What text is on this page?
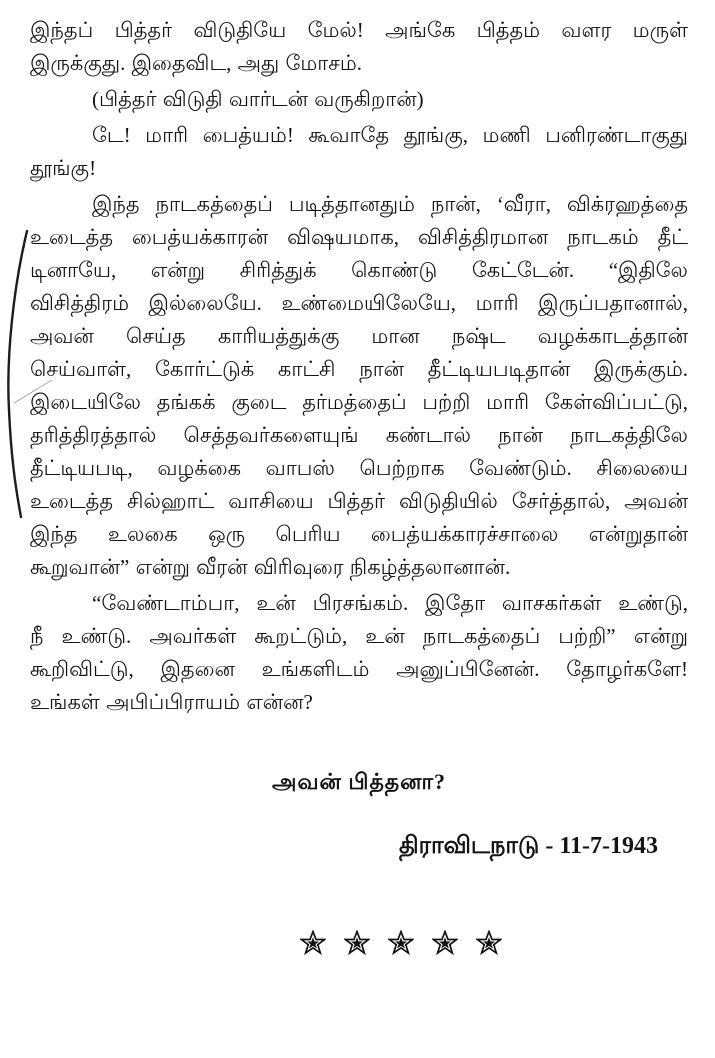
இந்தப் பித்தர் விடுதியே மேல்! அங்கே பித்தம் வளர மருள்
இருக்குது. இதைவிட, அது மோசம்.
(பித்தர் விடுதி வார்டன் வருகிறான்)
டே! மாரி பைத்யம்! கூவாதே தூங்கு, மணி பனிரண்டாகுது
தூங்கு!
இந்த நாடகத்தைப் படித்தானதும் நான், ‘வீரா, விக்ரஹத்தை
உடைத்த பைத்யக்காரன் விஷயமாக, விசித்திரமான நாடகம் தீட்
டினாயே, என்று சிரித்துக் கொண்டு கேட்டேன். “இதிலே
விசித்திரம் இல்லையே. உண்மையிலேயே, மாரி இருப்பதானால்,
அவன் செய்த காரியத்துக்கு மான நஷ்ட வழக்காடத்தான்
செய்வாள், கோர்ட்டுக் காட்சி நான் தீட்டியபடிதான் இருக்கும்.
இடையிலே தங்கக் குடை தர்மத்தைப் பற்றி மாரி கேள்விப்பட்டு,
தரித்திரத்தால் செத்தவர்களையுங் கண்டால் நான் நாடகத்திலே
தீட்டியபடி, வழக்கை வாபஸ் பெற்றாக வேண்டும். சிலையை
உடைத்த சில்ஹாட் வாசியை பித்தர் விடுதியில் சேர்த்தால், அவன்
இந்த உலகை ஒரு பெரிய பைத்யக்காரச்சாலை என்றுதான்
கூறுவான்” என்று வீரன் விரிவுரை நிகழ்த்தலானான்.
“வேண்டாம்பா, உன் பிரசங்கம். இதோ வாசகர்கள் உண்டு,
நீ உண்டு. அவர்கள் கூறட்டும், உன் நாடகத்தைப் பற்றி” என்று
கூறிவிட்டு, இதனை உங்களிடம் அனுப்பினேன். தோழர்களே!
உங்கள் அபிப்பிராயம் என்ன?
அவன் பித்தனா?
திராவிடநாடு - 11-7-1943
